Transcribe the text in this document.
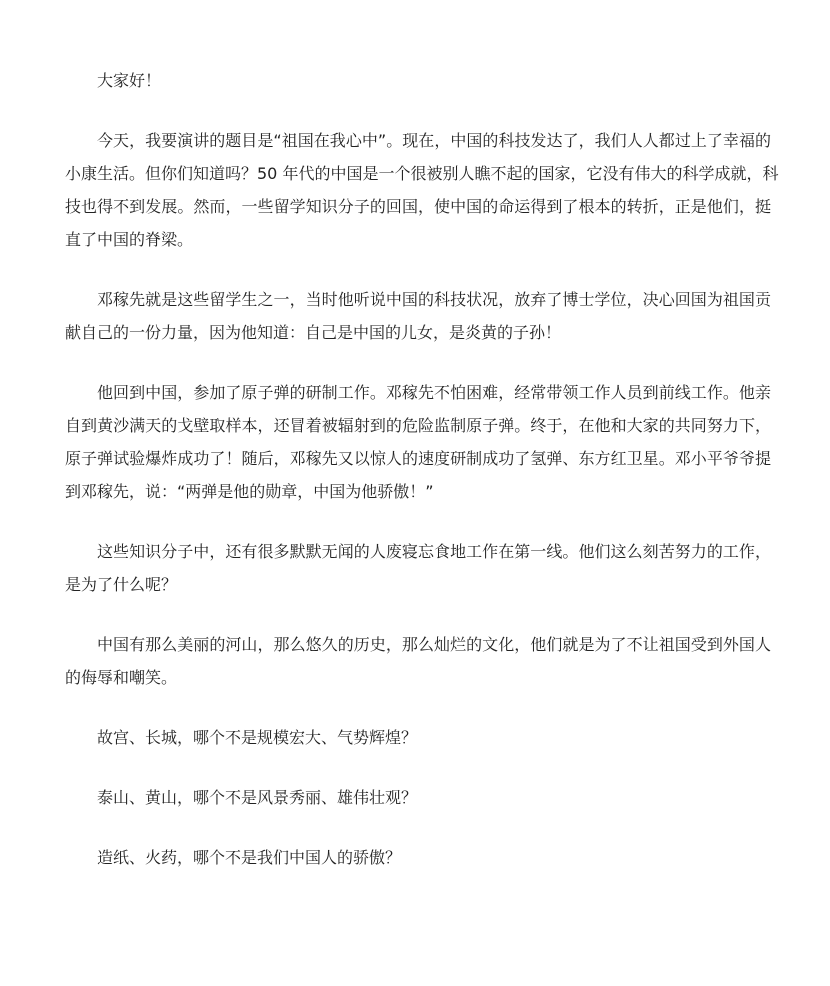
大家好！
今天，我要演讲的题目是“祖国在我心中”。现在，中国的科技发达了，我们人人都过上了幸福的
小康生活。但你们知道吗？50 年代的中国是一个很被别人瞧不起的国家，它没有伟大的科学成就，科
技也得不到发展。然而，一些留学知识分子的回国，使中国的命运得到了根本的转折，正是他们，挺
直了中国的脊梁。
邓稼先就是这些留学生之一，当时他听说中国的科技状况，放弃了博士学位，决心回国为祖国贡
献自己的一份力量，因为他知道：自己是中国的儿女，是炎黄的子孙！
他回到中国，参加了原子弹的研制工作。邓稼先不怕困难，经常带领工作人员到前线工作。他亲
自到黄沙满天的戈壁取样本，还冒着被辐射到的危险监制原子弹。终于，在他和大家的共同努力下，
原子弹试验爆炸成功了！随后，邓稼先又以惊人的速度研制成功了氢弹、东方红卫星。邓小平爷爷提
到邓稼先，说：“两弹是他的勋章，中国为他骄傲！”
这些知识分子中，还有很多默默无闻的人废寝忘食地工作在第一线。他们这么刻苦努力的工作，
是为了什么呢？
中国有那么美丽的河山，那么悠久的历史，那么灿烂的文化，他们就是为了不让祖国受到外国人
的侮辱和嘲笑。
故宫、长城，哪个不是规模宏大、气势辉煌？
泰山、黄山，哪个不是风景秀丽、雄伟壮观？
造纸、火药，哪个不是我们中国人的骄傲？
